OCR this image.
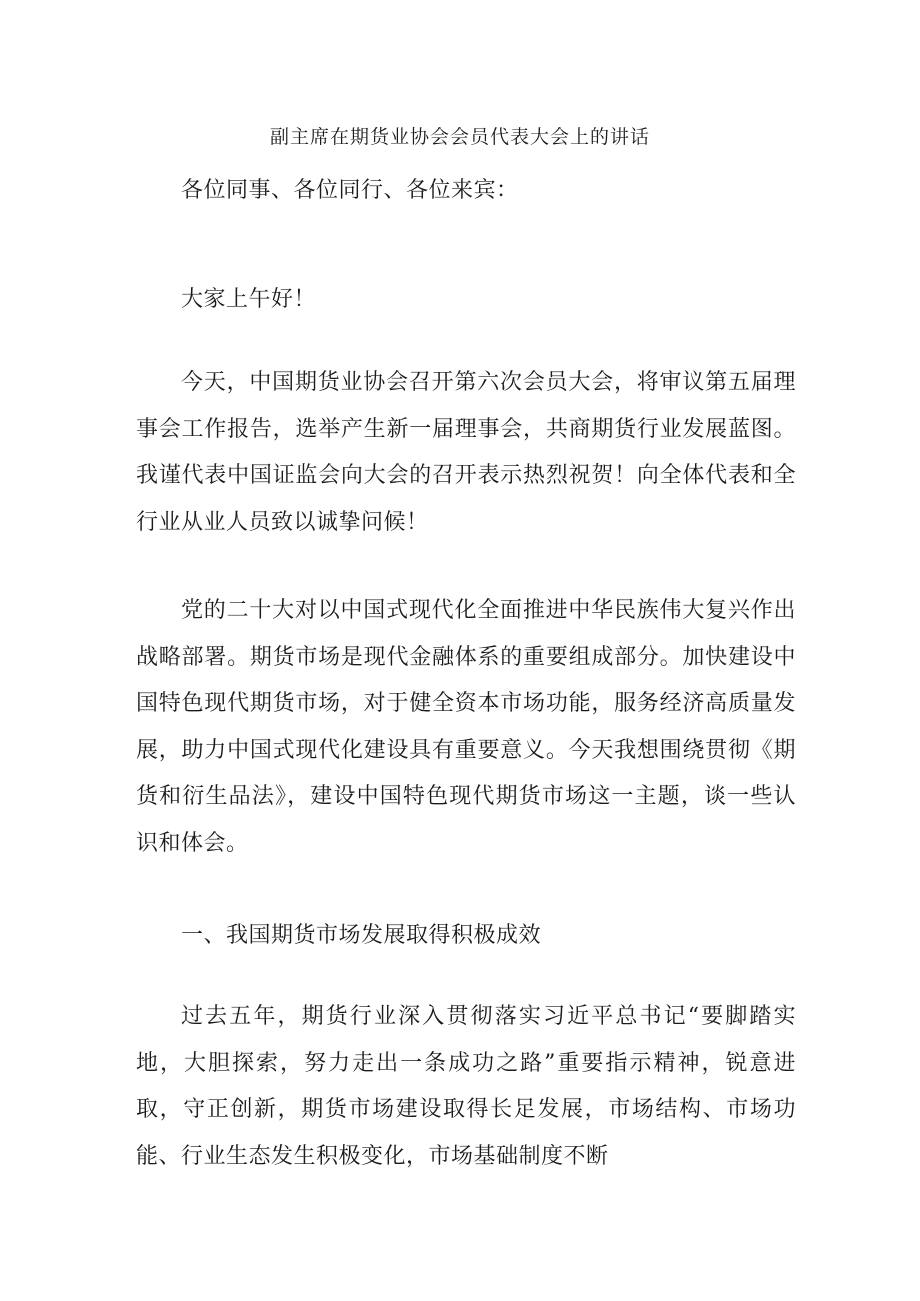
副主席在期货业协会会员代表大会上的讲话
各位同事、各位同行、各位来宾：
大家上午好！
今天，中国期货业协会召开第六次会员大会，将审议第五届理事会工作报告，选举产生新一届理事会，共商期货行业发展蓝图。我谨代表中国证监会向大会的召开表示热烈祝贺！向全体代表和全行业从业人员致以诚挚问候！
党的二十大对以中国式现代化全面推进中华民族伟大复兴作出战略部署。期货市场是现代金融体系的重要组成部分。加快建设中国特色现代期货市场，对于健全资本市场功能，服务经济高质量发展，助力中国式现代化建设具有重要意义。今天我想围绕贯彻《期货和衍生品法》，建设中国特色现代期货市场这一主题，谈一些认识和体会。
一、我国期货市场发展取得积极成效
过去五年，期货行业深入贯彻落实习近平总书记“要脚踏实地，大胆探索，努力走出一条成功之路”重要指示精神，锐意进取，守正创新，期货市场建设取得长足发展，市场结构、市场功能、行业生态发生积极变化，市场基础制度不断
